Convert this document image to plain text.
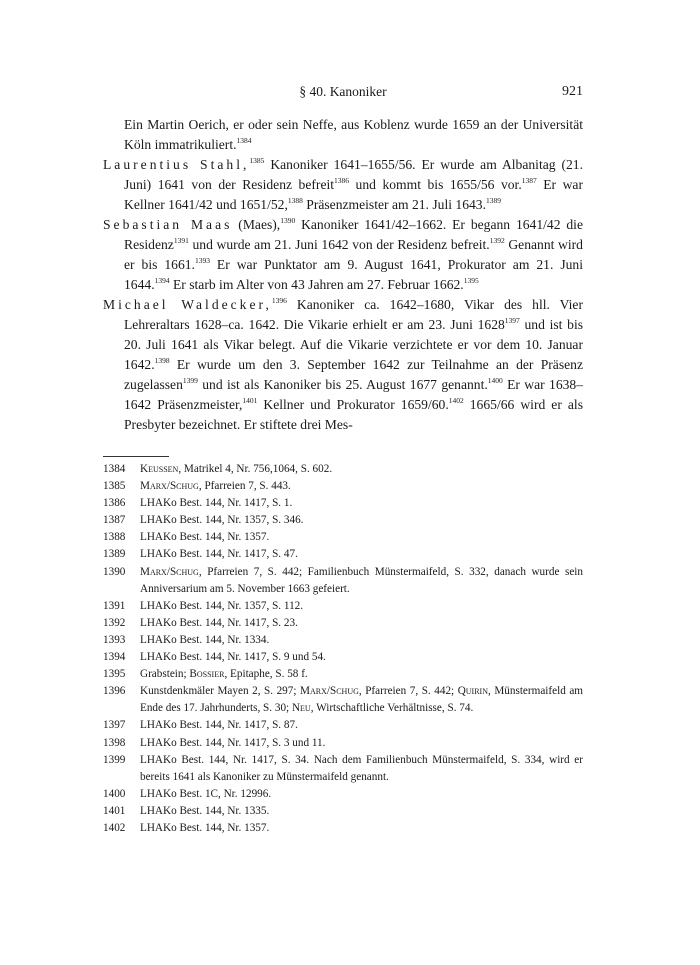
§ 40. Kanoniker	921

Ein Martin Oerich, er oder sein Neffe, aus Koblenz wurde 1659 an der Universität Köln immatrikuliert.$^{1384}$

Laurentius Stahl,$^{1385}$ Kanoniker 1641–1655/56. Er wurde am Albanitag (21. Juni) 1641 von der Residenz befreit$^{1386}$ und kommt bis 1655/56 vor.$^{1387}$ Er war Kellner 1641/42 und 1651/52,$^{1388}$ Präsenzmeister am 21. Juli 1643.$^{1389}$

Sebastian Maas (Maes),$^{1390}$ Kanoniker 1641/42–1662. Er begann 1641/42 die Residenz$^{1391}$ und wurde am 21. Juni 1642 von der Residenz befreit.$^{1392}$ Genannt wird er bis 1661.$^{1393}$ Er war Punktator am 9. August 1641, Prokurator am 21. Juni 1644.$^{1394}$ Er starb im Alter von 43 Jahren am 27. Februar 1662.$^{1395}$

Michael Waldecker,$^{1396}$ Kanoniker ca. 1642–1680, Vikar des hll. Vier Lehreraltars 1628–ca. 1642. Die Vikarie erhielt er am 23. Juni $1628^{1397}$ und ist bis 20. Juli 1641 als Vikar belegt. Auf die Vikarie verzichtete er vor dem 10. Januar 1642.$^{1398}$ Er wurde um den 3. September 1642 zur Teilnahme an der Präsenz zugelassen$^{1399}$ und ist als Kanoniker bis 25. August 1677 genannt.$^{1400}$ Er war 1638–1642 Präsenzmeister,$^{1401}$ Kellner und Prokurator 1659/60.$^{1402}$ 1665/66 wird er als Presbyter bezeichnet. Er stiftete drei Mes-

1384	Keussen, Matrikel 4, Nr. 756,1064, S. 602.
1385	Marx/Schug, Pfarreien 7, S. 443.
1386	LHAKo Best. 144, Nr. 1417, S. 1.
1387	LHAKo Best. 144, Nr. 1357, S. 346.
1388	LHAKo Best. 144, Nr. 1357.
1389	LHAKo Best. 144, Nr. 1417, S. 47.
1390	Marx/Schug, Pfarreien 7, S. 442; Familienbuch Münstermaifeld, S. 332, danach wurde sein Anniversarium am 5. November 1663 gefeiert.
1391	LHAKo Best. 144, Nr. 1357, S. 112.
1392	LHAKo Best. 144, Nr. 1417, S. 23.
1393	LHAKo Best. 144, Nr. 1334.
1394	LHAKo Best. 144, Nr. 1417, S. 9 und 54.
1395	Grabstein; Bossier, Epitaphe, S. 58 f.
1396	Kunstdenkmäler Mayen 2, S. 297; Marx/Schug, Pfarreien 7, S. 442; Quirin, Münstermaifeld am Ende des 17. Jahrhunderts, S. 30; Neu, Wirtschaftliche Verhältnisse, S. 74.
1397	LHAKo Best. 144, Nr. 1417, S. 87.
1398	LHAKo Best. 144, Nr. 1417, S. 3 und 11.
1399	LHAKo Best. 144, Nr. 1417, S. 34. Nach dem Familienbuch Münstermaifeld, S. 334, wird er bereits 1641 als Kanoniker zu Münstermaifeld genannt.
1400	LHAKo Best. 1C, Nr. 12996.
1401	LHAKo Best. 144, Nr. 1335.
1402	LHAKo Best. 144, Nr. 1357.
